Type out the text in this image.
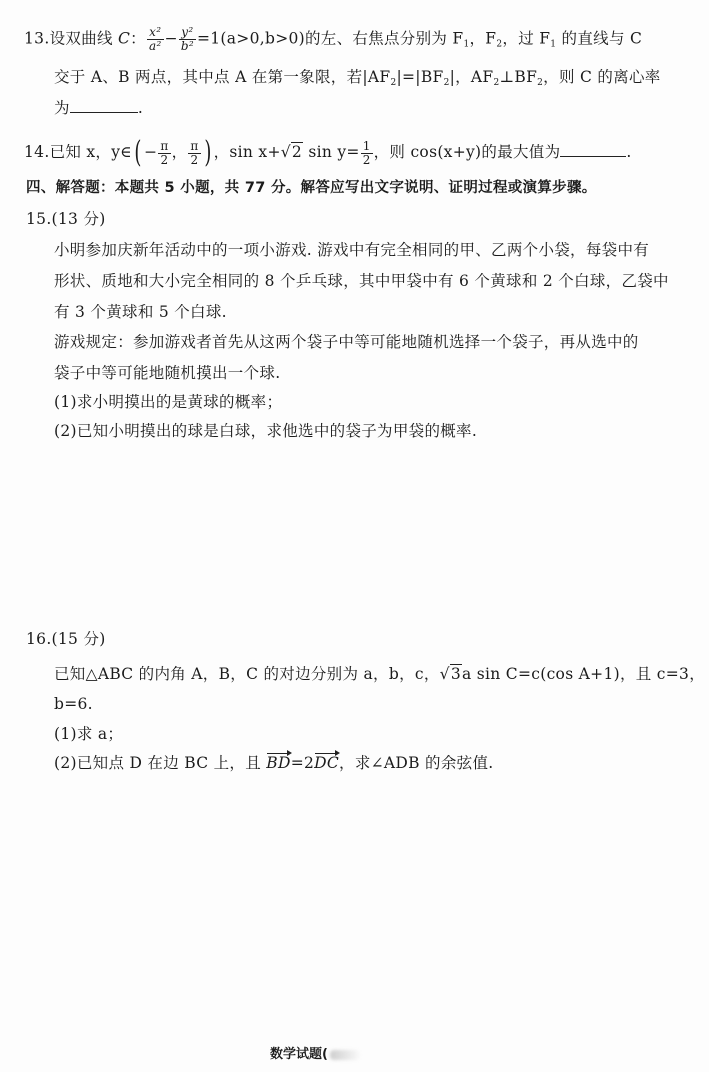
13.设双曲线 C： $\frac{\text{x²}}{\text{a²}} - \frac{\text{y²}}{\text{b²}} =1(a>0,b>0)$的左、右焦点分别为 $F_1$，$F_2$，过 $F_1$ 的直线与 C
交于 A、B 两点，其中点 A 在第一象限，若$|AF_2|=|BF_2|$，$AF_2\perp BF_2$，则 C 的离心率
为	.
14.已知 x，y∈( − $\frac{\pi}{2}$ ， $\frac{\pi}{2}$ ) ，sin x+√2 $\sin y= \frac{1}{2}$ ，则 cos(x+y)的最大值为	.
四、解答题：本题共 5 小题，共 77 分。解答应写出文字说明、证明过程或演算步骤。
15.(13 分)
小明参加庆新年活动中的一项小游戏. 游戏中有完全相同的甲、乙两个小袋，每袋中有
形状、质地和大小完全相同的 8 个乒乓球，其中甲袋中有 6 个黄球和 2 个白球，乙袋中
有 3 个黄球和 5 个白球.
游戏规定：参加游戏者首先从这两个袋子中等可能地随机选择一个袋子，再从选中的
袋子中等可能地随机摸出一个球.
(1)求小明摸出的是黄球的概率；
(2)已知小明摸出的球是白球，求他选中的袋子为甲袋的概率.
16.(15 分)
已知△ABC 的内角 A，B，C 的对边分别为 a，b，c，√3a sin C=c(cos A+1)，且 c=3，
b=6.
(1)求 a；
(2)已知点 D 在边 BC 上，且 BD=2DC，求∠ADB 的余弦值.
数学试题(
